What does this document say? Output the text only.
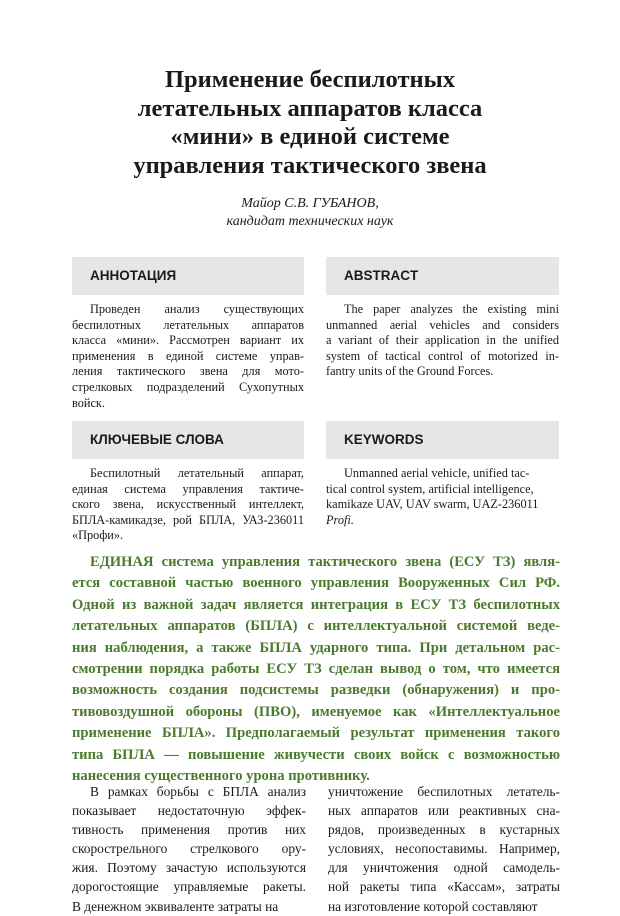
Применение беспилотных
летательных аппаратов класса
«мини» в единой системе
управления тактического звена
Майор С.В. ГУБАНОВ,
кандидат технических наук
АННОТАЦИЯ	ABSTRACT
Проведен анализ существующих
беспилотных летательных аппаратов
класса «мини». Рассмотрен вариант их
применения в единой системе управ-
ления тактического звена для мото-
стрелковых подразделений Сухопутных
войск.
The paper analyzes the existing mini
unmanned aerial vehicles and considers
a variant of their application in the unified
system of tactical control of motorized in-
fantry units of the Ground Forces.
КЛЮЧЕВЫЕ СЛОВА	KEYWORDS
Беспилотный летательный аппарат,
единая система управления тактиче-
ского звена, искусственный интеллект,
БПЛА-камикадзе, рой БПЛА, УАЗ-236011
«Профи».
Unmanned aerial vehicle, unified tac-
tical control system, artificial intelligence,
kamikaze UAV, UAV swarm, UAZ-236011
Profi.
ЕДИНАЯ система управления тактического звена (ЕСУ ТЗ) явля-
ется составной частью военного управления Вооруженных Сил РФ.
Одной из важной задач является интеграция в ЕСУ ТЗ беспилотных
летательных аппаратов (БПЛА) с интеллектуальной системой веде-
ния наблюдения, а также БПЛА ударного типа. При детальном рас-
смотрении порядка работы ЕСУ ТЗ сделан вывод о том, что имеется
возможность создания подсистемы разведки (обнаружения) и про-
тивовоздушной обороны (ПВО), именуемое как «Интеллектуальное
применение БПЛА». Предполагаемый результат применения такого
типа БПЛА — повышение живучести своих войск с возможностью
нанесения существенного урона противнику.
В рамках борьбы с БПЛА анализ
показывает недостаточную эффек-
тивность применения против них
скорострельного стрелкового ору-
жия. Поэтому зачастую используются
дорогостоящие управляемые ракеты.
В денежном эквиваленте затраты на
уничтожение беспилотных летатель-
ных аппаратов или реактивных сна-
рядов, произведенных в кустарных
условиях, несопоставимы. Например,
для уничтожения одной самодель-
ной ракеты типа «Кассам», затраты
на изготовление которой составляют
